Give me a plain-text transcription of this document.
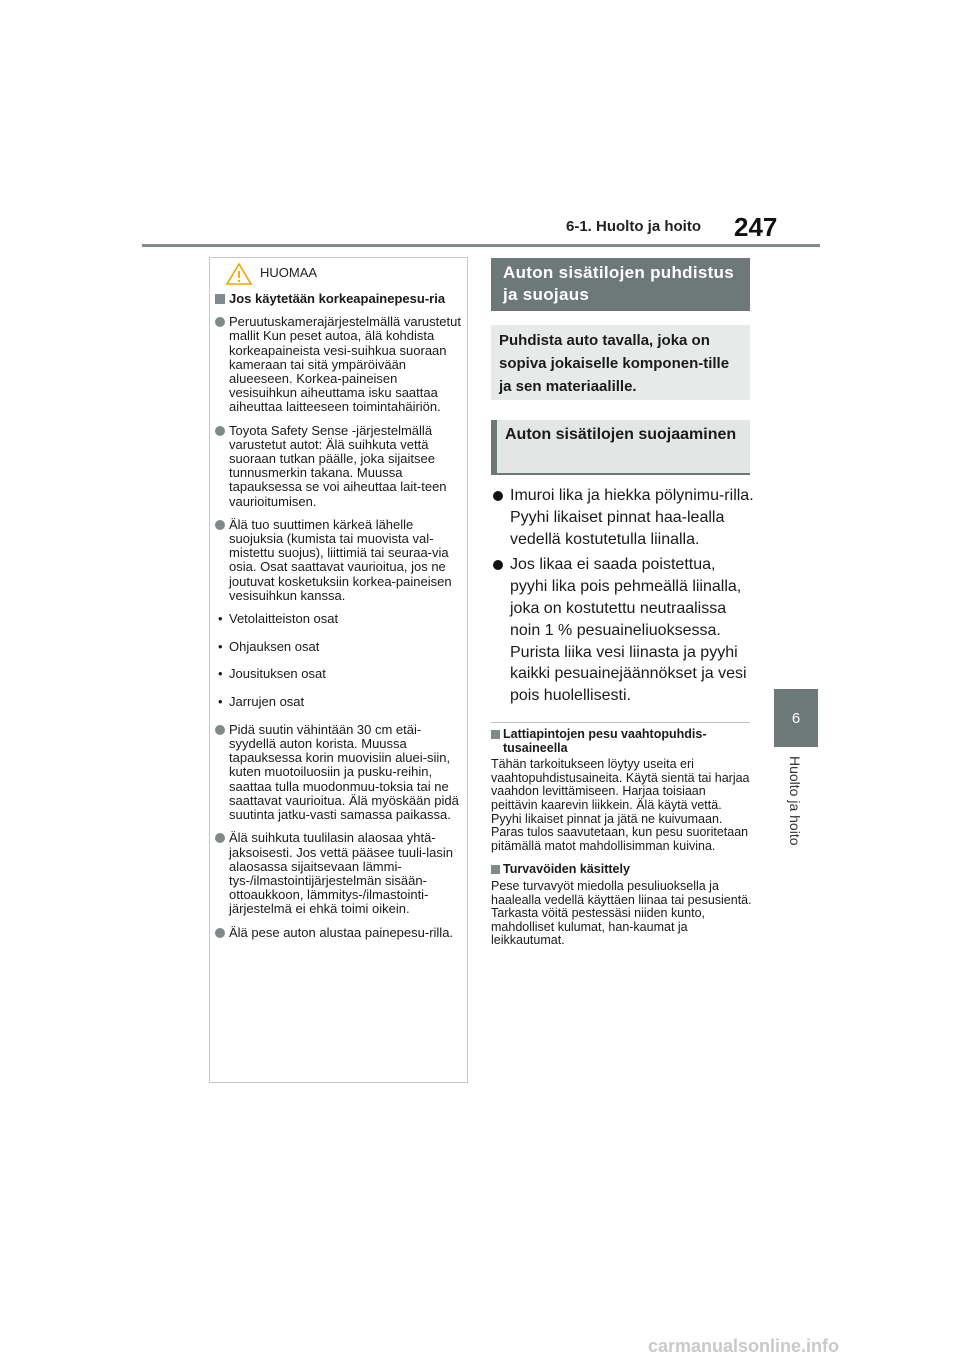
6-1. Huolto ja hoito 247
6
Huolto ja hoito
HUOMAA
Jos käytetään korkeapainepesu-ria
Peruutuskamerajärjestelmällä varustetut mallit Kun peset autoa, älä kohdista korkeapaineista vesi-suihkua suoraan kameraan tai sitä ympäröivään alueeseen. Korkea-paineisen vesisuihkun aiheuttama isku saattaa aiheuttaa laitteeseen toimintahäiriön.
Toyota Safety Sense -järjestelmällä varustetut autot: Älä suihkuta vettä suoraan tutkan päälle, joka sijaitsee tunnusmerkin takana. Muussa tapauksessa se voi aiheuttaa lait-teen vaurioitumisen.
Älä tuo suuttimen kärkeä lähelle suojuksia (kumista tai muovista val-mistettu suojus), liittimiä tai seuraa-via osia. Osat saattavat vaurioitua, jos ne joutuvat kosketuksiin korkea-paineisen vesisuihkun kanssa.
• Vetolaitteiston osat
• Ohjauksen osat
• Jousituksen osat
• Jarrujen osat
Pidä suutin vähintään 30 cm etäi-syydellä auton korista. Muussa tapauksessa korin muovisiin aluei-siin, kuten muotoiluosiin ja pusku-reihin, saattaa tulla muodonmuu-toksia tai ne saattavat vaurioitua. Älä myöskään pidä suutinta jatku-vasti samassa paikassa.
Älä suihkuta tuulilasin alaosaa yhtä-jaksoisesti. Jos vettä pääsee tuuli-lasin alaosassa sijaitsevaan lämmi-tys-/ilmastointijärjestelmän sisään-ottoaukkoon, lämmitys-/ilmastointi-järjestelmä ei ehkä toimi oikein.
Älä pese auton alustaa painepesu-rilla.
Auton sisätilojen puhdistus ja suojaus
Puhdista auto tavalla, joka on sopiva jokaiselle komponen-tille ja sen materiaalille.
Auton sisätilojen suojaaminen
Imuroi lika ja hiekka pölynimu-rilla. Pyyhi likaiset pinnat haa-lealla vedellä kostutetulla liinalla.
Jos likaa ei saada poistettua, pyyhi lika pois pehmeällä liinalla, joka on kostutettu neutraalissa noin 1 % pesuaineliuoksessa. Purista liika vesi liinasta ja pyyhi kaikki pesuainejäännökset ja vesi pois huolellisesti.
Lattiapintojen pesu vaahtopuhdis-tusaineella
Tähän tarkoitukseen löytyy useita eri vaahtopuhdistusaineita. Käytä sientä tai harjaa vaahdon levittämiseen. Harjaa toisiaan peittävin kaarevin liikkein. Älä käytä vettä. Pyyhi likaiset pinnat ja jätä ne kuivumaan. Paras tulos saavutetaan, kun pesu suoritetaan pitämällä matot mahdollisimman kuivina.
Turvavöiden käsittely
Pese turvavyöt miedolla pesuliuoksella ja haalealla vedellä käyttäen liinaa tai pesusientä. Tarkasta vöitä pestessäsi niiden kunto, mahdolliset kulumat, han-kaumat ja leikkautumat.
carmanualsonline.info
